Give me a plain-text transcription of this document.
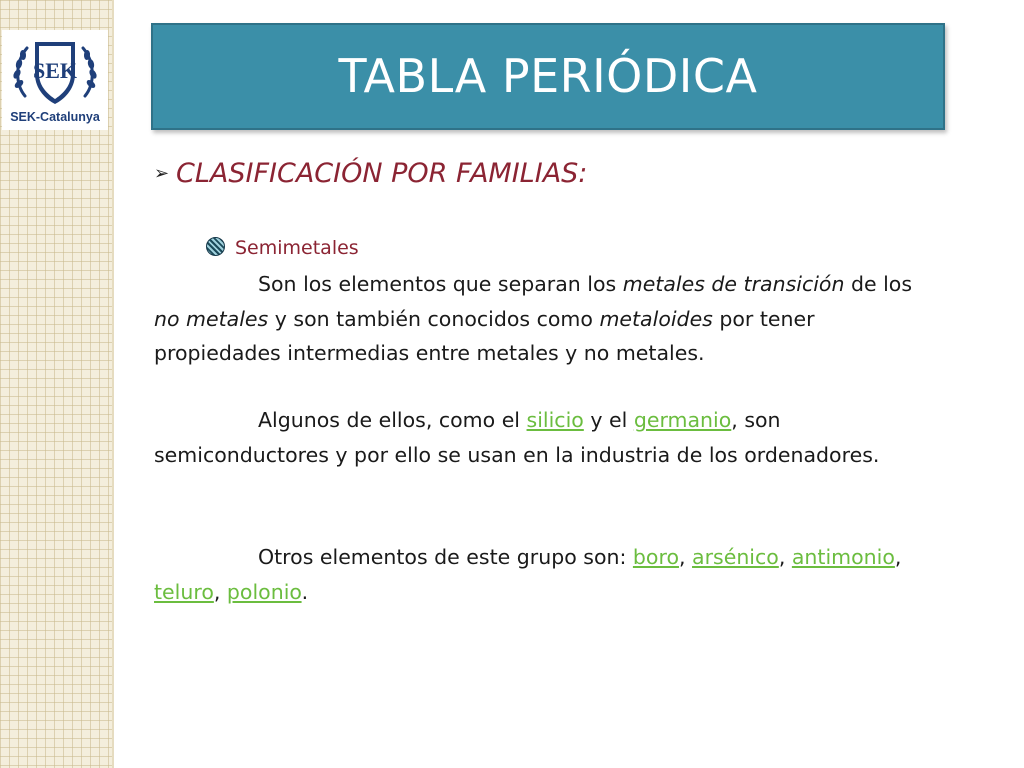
SEK
SEK-Catalunya
TABLA PERIÓDICA
➢ CLASIFICACIÓN POR FAMILIAS:
Semimetales
Son los elementos que separan los metales de transición de los no metales y son también conocidos como metaloides por tener propiedades intermedias entre metales y no metales.
Algunos de ellos, como el silicio y el germanio, son semiconductores y por ello se usan en la industria de los ordenadores.
Otros elementos de este grupo son: boro, arsénico, antimonio, teluro, polonio.
